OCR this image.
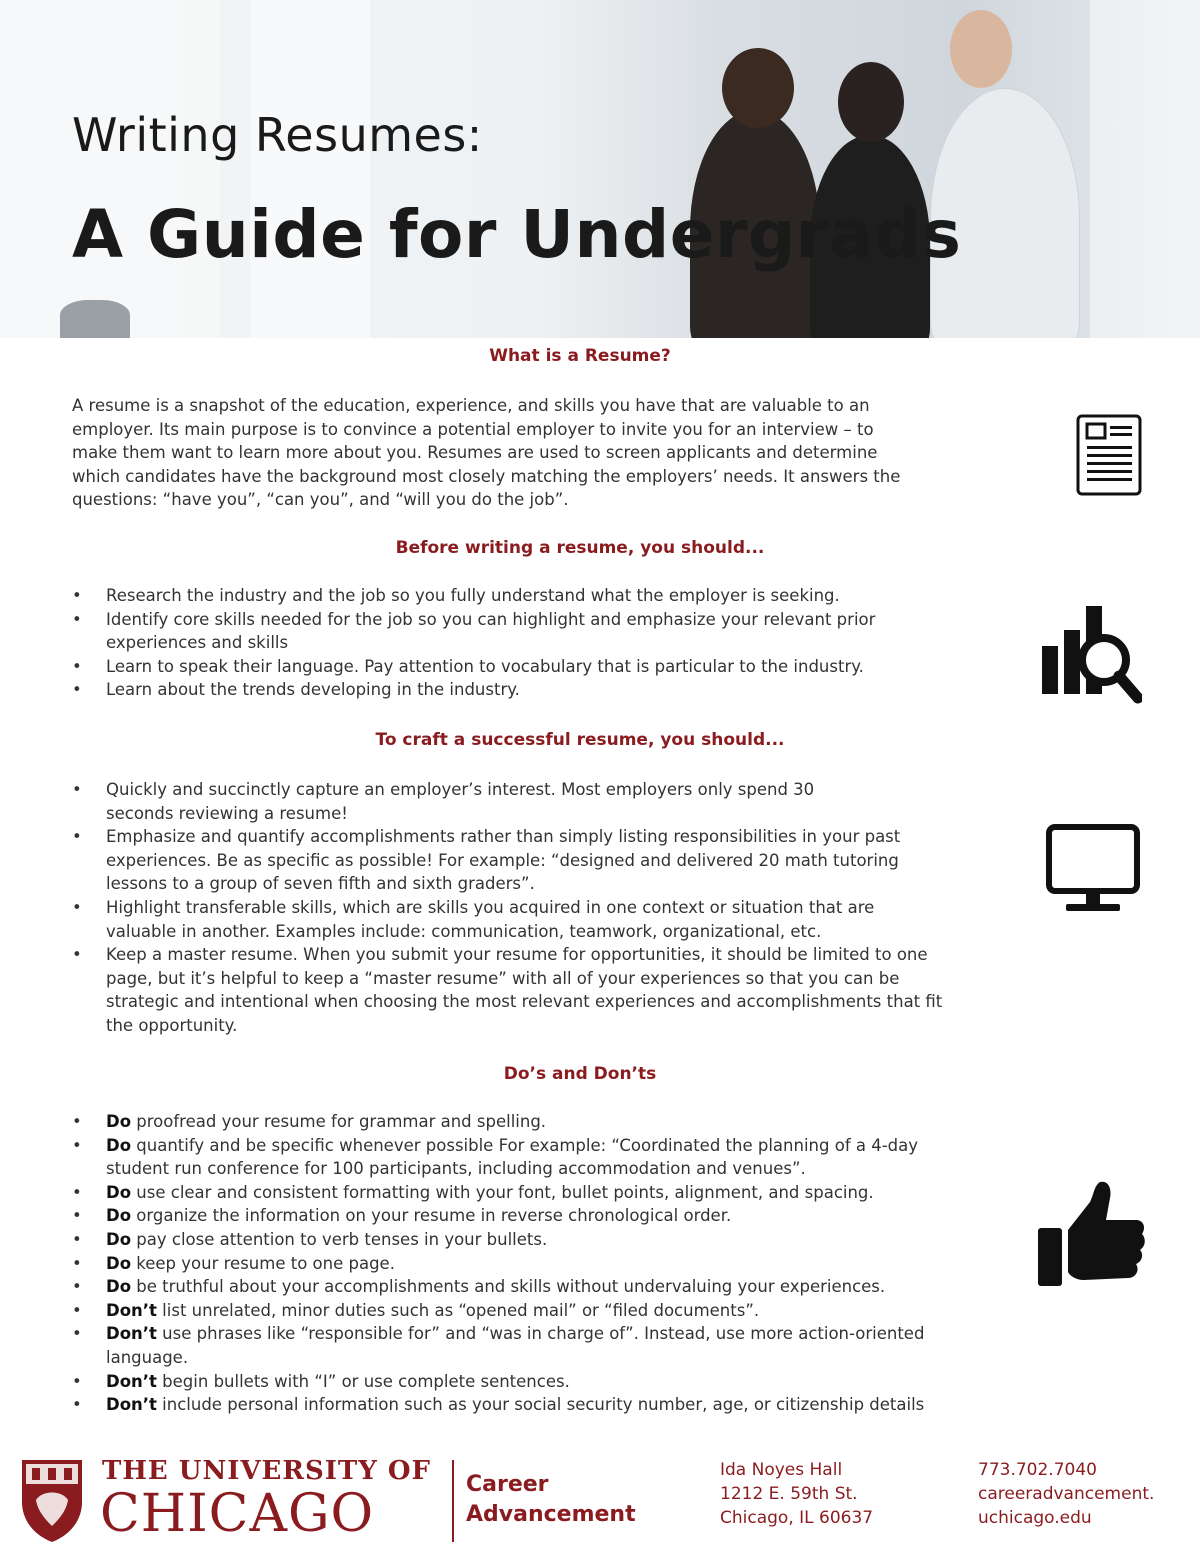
Writing Resumes:
A Guide for Undergrads
What is a Resume?
A resume is a snapshot of the education, experience, and skills you have that are valuable to an
employer. Its main purpose is to convince a potential employer to invite you for an interview – to
make them want to learn more about you. Resumes are used to screen applicants and determine
which candidates have the background most closely matching the employers’ needs. It answers the
questions: “have you”, “can you”, and “will you do the job”.
Before writing a resume, you should...
• Research the industry and the job so you fully understand what the employer is seeking.
• Identify core skills needed for the job so you can highlight and emphasize your relevant prior
experiences and skills
• Learn to speak their language. Pay attention to vocabulary that is particular to the industry.
• Learn about the trends developing in the industry.
To craft a successful resume, you should...
• Quickly and succinctly capture an employer’s interest. Most employers only spend 30
seconds reviewing a resume!
• Emphasize and quantify accomplishments rather than simply listing responsibilities in your past
experiences. Be as specific as possible! For example: “designed and delivered 20 math tutoring
lessons to a group of seven fifth and sixth graders”.
• Highlight transferable skills, which are skills you acquired in one context or situation that are
valuable in another. Examples include: communication, teamwork, organizational, etc.
• Keep a master resume. When you submit your resume for opportunities, it should be limited to one
page, but it’s helpful to keep a “master resume” with all of your experiences so that you can be
strategic and intentional when choosing the most relevant experiences and accomplishments that fit
the opportunity.
Do’s and Don’ts
• Do proofread your resume for grammar and spelling.
• Do quantify and be specific whenever possible For example: “Coordinated the planning of a 4-day
student run conference for 100 participants, including accommodation and venues”.
• Do use clear and consistent formatting with your font, bullet points, alignment, and spacing.
• Do organize the information on your resume in reverse chronological order.
• Do pay close attention to verb tenses in your bullets.
• Do keep your resume to one page.
• Do be truthful about your accomplishments and skills without undervaluing your experiences.
• Don’t list unrelated, minor duties such as “opened mail” or “filed documents”.
• Don’t use phrases like “responsible for” and “was in charge of”. Instead, use more action-oriented
language.
• Don’t begin bullets with “I” or use complete sentences.
• Don’t include personal information such as your social security number, age, or citizenship details
THE UNIVERSITY OF
CHICAGO	Career
Advancement
Ida Noyes Hall
1212 E. 59th St.
Chicago, IL 60637
773.702.7040
careeradvancement.
uchicago.edu
